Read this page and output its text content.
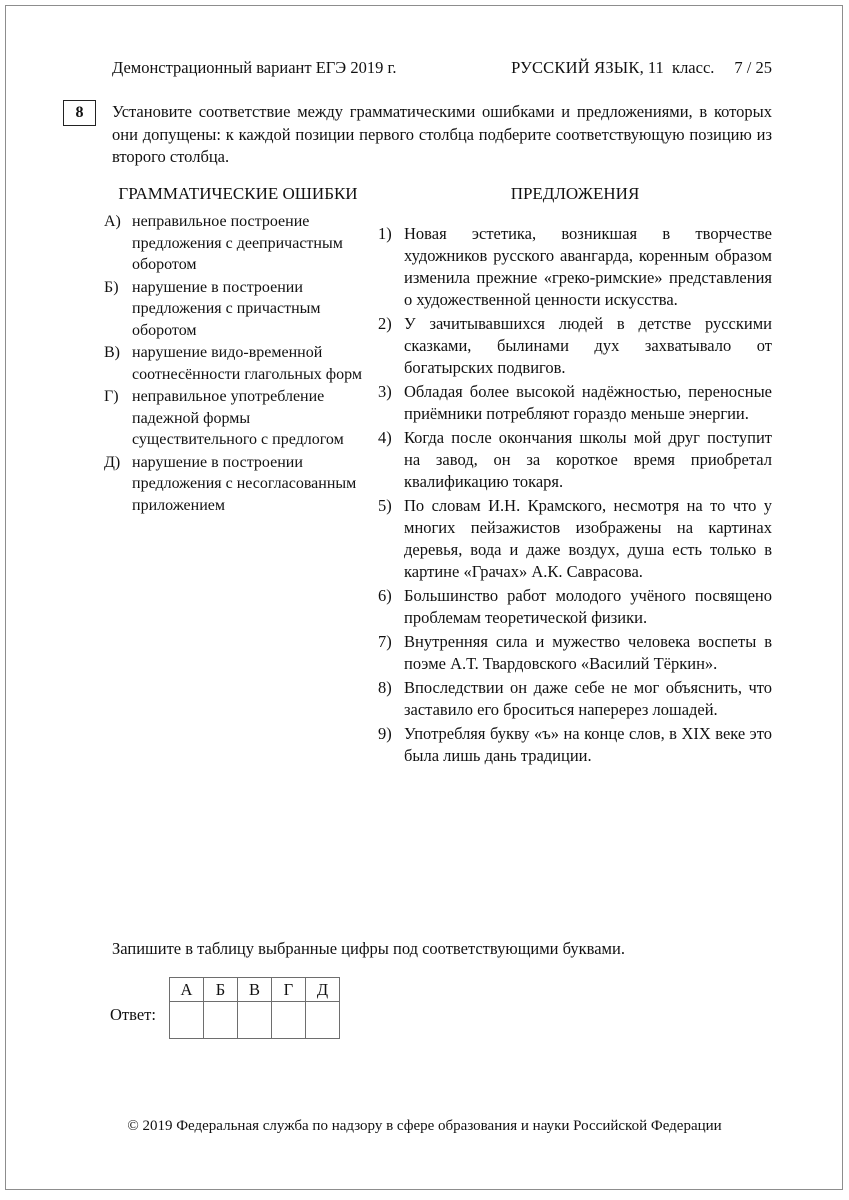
Демонстрационный вариант ЕГЭ 2019 г.	РУССКИЙ ЯЗЫК, 11  класс. 7 / 25
8 Установите соответствие между грамматическими ошибками и предложениями, в которых они допущены: к каждой позиции первого столбца подберите соответствующую позицию из второго столбца.
ГРАММАТИЧЕСКИЕ ОШИБКИ
А) неправильное построение предложения с деепричастным оборотом
Б) нарушение в построении предложения с причастным оборотом
В) нарушение видо-временной соотнесённости глагольных форм
Г) неправильное употребление падежной формы существительного с предлогом
Д) нарушение в построении предложения с несогласованным приложением
ПРЕДЛОЖЕНИЯ
1) Новая эстетика, возникшая в творчестве художников русского авангарда, коренным образом изменила прежние «греко-римские» представления о художественной ценности искусства.
2) У зачитывавшихся людей в детстве русскими сказками, былинами дух захватывало от богатырских подвигов.
3) Обладая более высокой надёжностью, переносные приёмники потребляют гораздо меньше энергии.
4) Когда после окончания школы мой друг поступит на завод, он за короткое время приобретал квалификацию токаря.
5) По словам И.Н. Крамского, несмотря на то что у многих пейзажистов изображены на картинах деревья, вода и даже воздух, душа есть только в картине «Грачах» А.К. Саврасова.
6) Большинство работ молодого учёного посвящено проблемам теоретической физики.
7) Внутренняя сила и мужество человека воспеты в поэме А.Т. Твардовского «Василий Тёркин».
8) Впоследствии он даже себе не мог объяснить, что заставило его броситься наперерез лошадей.
9) Употребляя букву «ъ» на конце слов, в XIX веке это была лишь дань традиции.
Запишите в таблицу выбранные цифры под соответствующими буквами.
Ответ:
А	Б	В	Г	Д

© 2019 Федеральная служба по надзору в сфере образования и науки Российской Федерации
